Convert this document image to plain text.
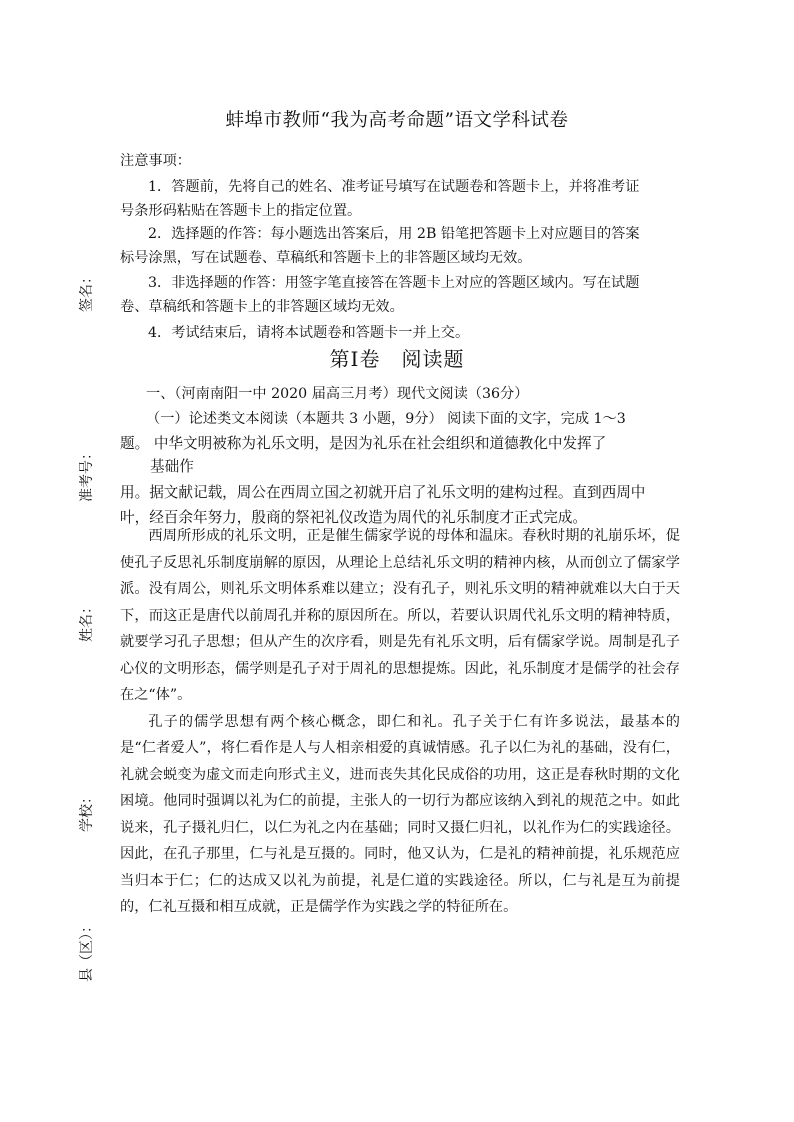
签名：
准考号：
姓名：
学校：
县（区）：
蚌埠市教师“我为高考命题”语文学科试卷
注意事项：
1．答题前，先将自己的姓名、准考证号填写在试题卷和答题卡上，并将准考证
号条形码粘贴在答题卡上的指定位置。
2．选择题的作答：每小题选出答案后，用 2B 铅笔把答题卡上对应题目的答案
标号涂黑，写在试题卷、草稿纸和答题卡上的非答题区域均无效。
3．非选择题的作答：用签字笔直接答在答题卡上对应的答题区域内。写在试题
卷、草稿纸和答题卡上的非答题区域均无效。
4．考试结束后，请将本试题卷和答题卡一并上交。
第Ⅰ卷　阅读题
一、（河南南阳一中 2020 届高三月考）现代文阅读（36分）
（一）论述类文本阅读（本题共 3 小题，9分） 阅读下面的文字，完成 1～3
题。 中华文明被称为礼乐文明，是因为礼乐在社会组织和道德教化中发挥了
基础作
用。据文献记载，周公在西周立国之初就开启了礼乐文明的建构过程。直到西周中
叶，经百余年努力，殷商的祭祀礼仪改造为周代的礼乐制度才正式完成。

西周所形成的礼乐文明，正是催生儒家学说的母体和温床。春秋时期的礼崩乐坏，促使孔子反思礼乐制度崩解的原因，从理论上总结礼乐文明的精神内核，从而创立了儒家学派。没有周公，则礼乐文明体系难以建立；没有孔子，则礼乐文明的精神就难以大白于天下，而这正是唐代以前周孔并称的原因所在。所以，若要认识周代礼乐文明的精神特质，就要学习孔子思想；但从产生的次序看，则是先有礼乐文明，后有儒家学说。周制是孔子心仪的文明形态，儒学则是孔子对于周礼的思想提炼。因此，礼乐制度才是儒学的社会存在之“体”。

孔子的儒学思想有两个核心概念，即仁和礼。孔子关于仁有许多说法，最基本的是“仁者爱人”，将仁看作是人与人相亲相爱的真诚情感。孔子以仁为礼的基础，没有仁，礼就会蜕变为虚文而走向形式主义，进而丧失其化民成俗的功用，这正是春秋时期的文化困境。他同时强调以礼为仁的前提，主张人的一切行为都应该纳入到礼的规范之中。如此说来，孔子摄礼归仁，以仁为礼之内在基础；同时又摄仁归礼，以礼作为仁的实践途径。因此，在孔子那里，仁与礼是互摄的。同时，他又认为，仁是礼的精神前提，礼乐规范应当归本于仁；仁的达成又以礼为前提，礼是仁道的实践途径。所以，仁与礼是互为前提的，仁礼互摄和相互成就，正是儒学作为实践之学的特征所在。
